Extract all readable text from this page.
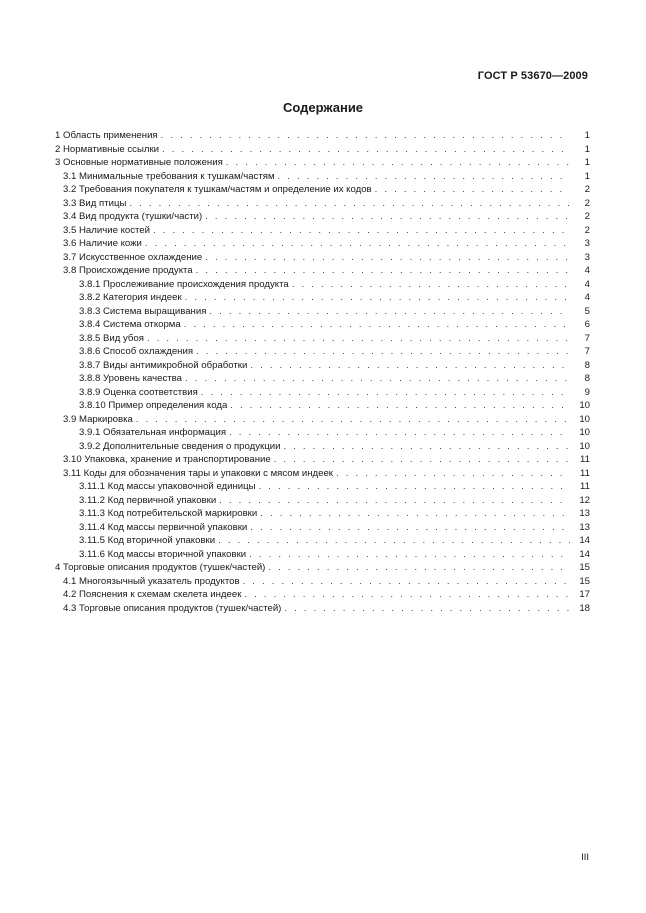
ГОСТ Р 53670—2009
Содержание
1 Область применения . . .	1
2 Нормативные ссылки . . .	1
3 Основные нормативные положения . . .	1
3.1 Минимальные требования к тушкам/частям . . .	1
3.2 Требования покупателя к тушкам/частям и определение их кодов . . .	2
3.3 Вид птицы . . .	2
3.4 Вид продукта (тушки/части) . . .	2
3.5 Наличие костей . . .	2
3.6 Наличие кожи . . .	3
3.7 Искусственное охлаждение . . .	3
3.8 Происхождение продукта . . .	4
3.8.1 Прослеживание происхождения продукта . . .	4
3.8.2 Категория индеек . . .	4
3.8.3 Система выращивания . . .	5
3.8.4 Система откорма . . .	6
3.8.5 Вид убоя . . .	7
3.8.6 Способ охлаждения . . .	7
3.8.7 Виды антимикробной обработки . . .	8
3.8.8 Уровень качества . . .	8
3.8.9 Оценка соответствия . . .	9
3.8.10 Пример определения кода . . .	10
3.9 Маркировка . . .	10
3.9.1 Обязательная информация . . .	10
3.9.2 Дополнительные сведения о продукции . . .	10
3.10 Упаковка, хранение и транспортирование . . .	11
3.11 Коды для обозначения тары и упаковки с мясом индеек . . .	11
3.11.1 Код массы упаковочной единицы . . .	11
3.11.2 Код первичной упаковки . . .	12
3.11.3 Код потребительской маркировки . . .	13
3.11.4 Код массы первичной упаковки . . .	13
3.11.5 Код вторичной упаковки . . .	14
3.11.6 Код массы вторичной упаковки . . .	14
4 Торговые описания продуктов (тушек/частей) . . .	15
4.1 Многоязычный указатель продуктов . . .	15
4.2 Пояснения к схемам скелета индеек . . .	17
4.3 Торговые описания продуктов (тушек/частей) . . .	18
III
